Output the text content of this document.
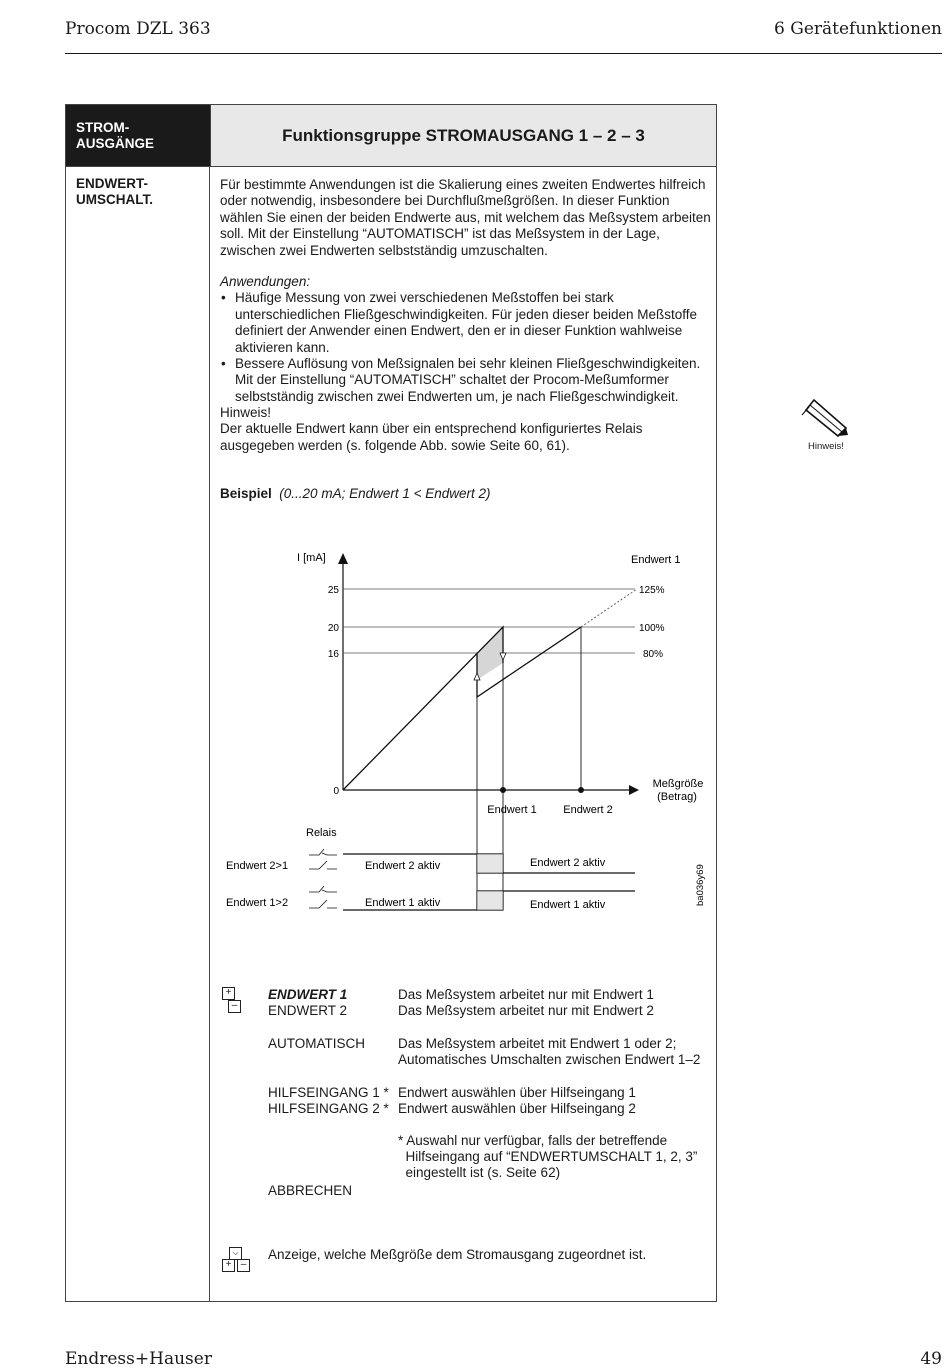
Procom DZL 363	6 Gerätefunktionen
STROM-
AUSGÄNGE	Funktionsgruppe STROMAUSGANG 1 – 2 – 3
ENDWERT-
UMSCHALT.

Für bestimmte Anwendungen ist die Skalierung eines zweiten Endwertes hilfreich oder notwendig, insbesondere bei Durchflußmeßgrößen. In dieser Funktion wählen Sie einen der beiden Endwerte aus, mit welchem das Meßsystem arbeiten soll. Mit der Einstellung “AUTOMATISCH” ist das Meßsystem in der Lage, zwischen zwei Endwerten selbstständig umzuschalten.

Anwendungen:

• Häufige Messung von zwei verschiedenen Meßstoffen bei stark unterschiedlichen Fließgeschwindigkeiten. Für jeden dieser beiden Meßstoffe definiert der Anwender einen Endwert, den er in dieser Funktion wahlweise aktivieren kann.
• Bessere Auflösung von Meßsignalen bei sehr kleinen Fließgeschwindigkeiten. Mit der Einstellung “AUTOMATISCH” schaltet der Procom-Meßumformer selbstständig zwischen zwei Endwerten um, je nach Fließgeschwindigkeit.

Hinweis!

Der aktuelle Endwert kann über ein entsprechend konfiguriertes Relais ausgegeben werden (s. folgende Abb. sowie Seite 60, 61).

Beispiel (0...20 mA; Endwert 1 < Endwert 2)
Hinweis!
I [mA]
25
20
16
0
Endwert 1
125%
100%
80%
Endwert 1 Endwert 2
Meßgröße
(Betrag)
Relais
Endwert 2>1	Endwert 2 aktiv	Endwert 2 aktiv
Endwert 1>2	Endwert 1 aktiv	Endwert 1 aktiv	ba036y69
+
–
ENDWERT 1	Das Meßsystem arbeitet nur mit Endwert 1
ENDWERT 2	Das Meßsystem arbeitet nur mit Endwert 2
AUTOMATISCH Das Meßsystem arbeitet mit Endwert 1 oder 2;
Automatisches Umschalten zwischen Endwert 1–2
HILFSEINGANG 1 * Endwert auswählen über Hilfseingang 1
HILFSEINGANG 2 * Endwert auswählen über Hilfseingang 2
* Auswahl nur verfügbar, falls der betreffende
Hilfseingang auf “ENDWERTUMSCHALT 1, 2, 3”
eingestellt ist (s. Seite 62)
ABBRECHEN
⌵
+ –
Anzeige, welche Meßgröße dem Stromausgang zugeordnet ist.
Endress+Hauser	49
